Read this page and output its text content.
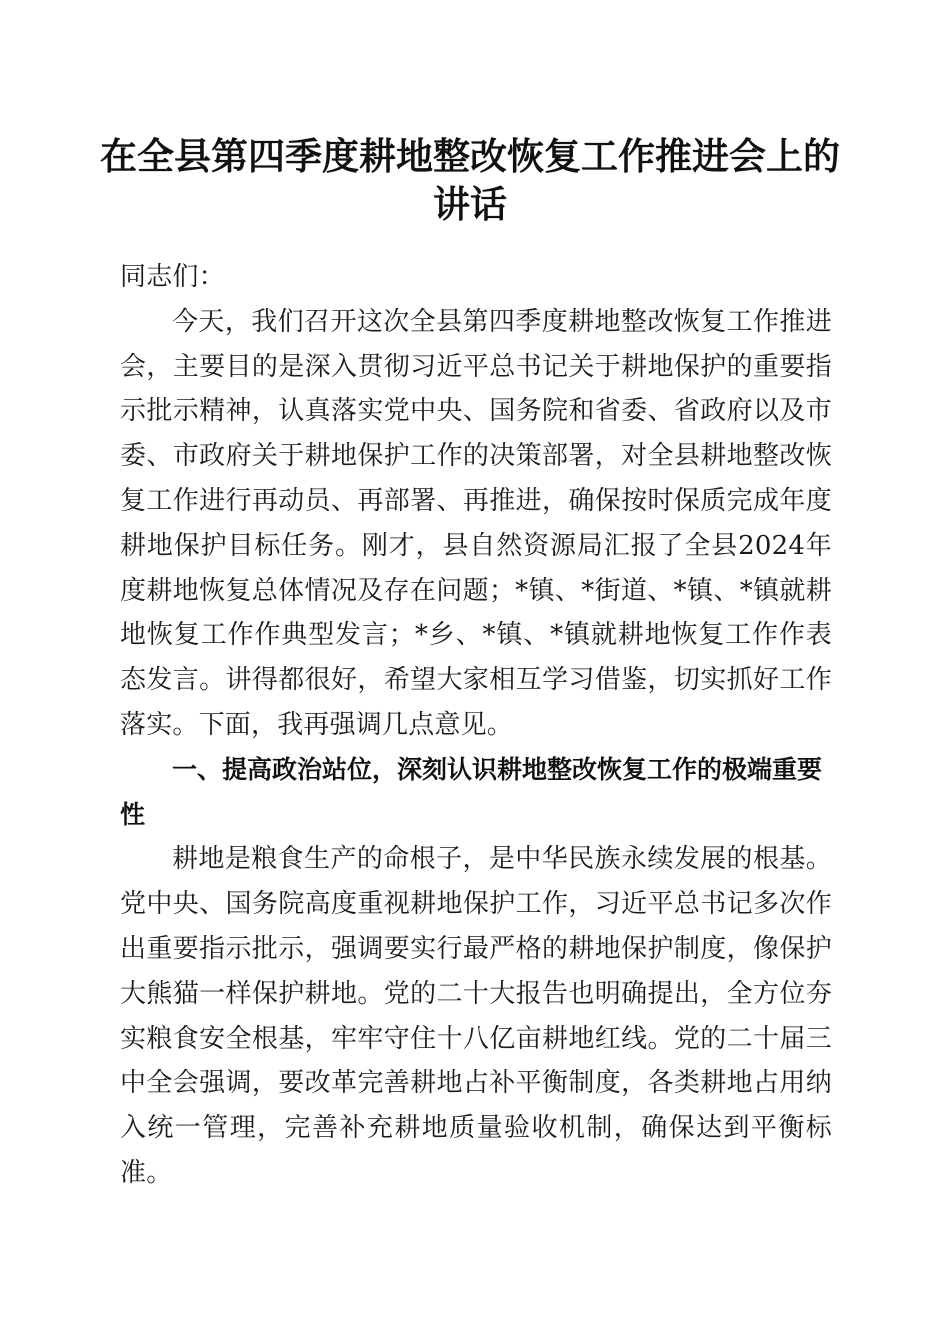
在全县第四季度耕地整改恢复工作推进会上的讲话

同志们：

今天，我们召开这次全县第四季度耕地整改恢复工作推进会，主要目的是深入贯彻习近平总书记关于耕地保护的重要指示批示精神，认真落实党中央、国务院和省委、省政府以及市委、市政府关于耕地保护工作的决策部署，对全县耕地整改恢复工作进行再动员、再部署、再推进，确保按时保质完成年度耕地保护目标任务。刚才，县自然资源局汇报了全县2024年度耕地恢复总体情况及存在问题；*镇、*街道、*镇、*镇就耕地恢复工作作典型发言；*乡、*镇、*镇就耕地恢复工作作表态发言。讲得都很好，希望大家相互学习借鉴，切实抓好工作落实。下面，我再强调几点意见。

一、提高政治站位，深刻认识耕地整改恢复工作的极端重要性

耕地是粮食生产的命根子，是中华民族永续发展的根基。党中央、国务院高度重视耕地保护工作，习近平总书记多次作出重要指示批示，强调要实行最严格的耕地保护制度，像保护大熊猫一样保护耕地。党的二十大报告也明确提出，全方位夯实粮食安全根基，牢牢守住十八亿亩耕地红线。党的二十届三中全会强调，要改革完善耕地占补平衡制度，各类耕地占用纳入统一管理，完善补充耕地质量验收机制，确保达到平衡标准。
